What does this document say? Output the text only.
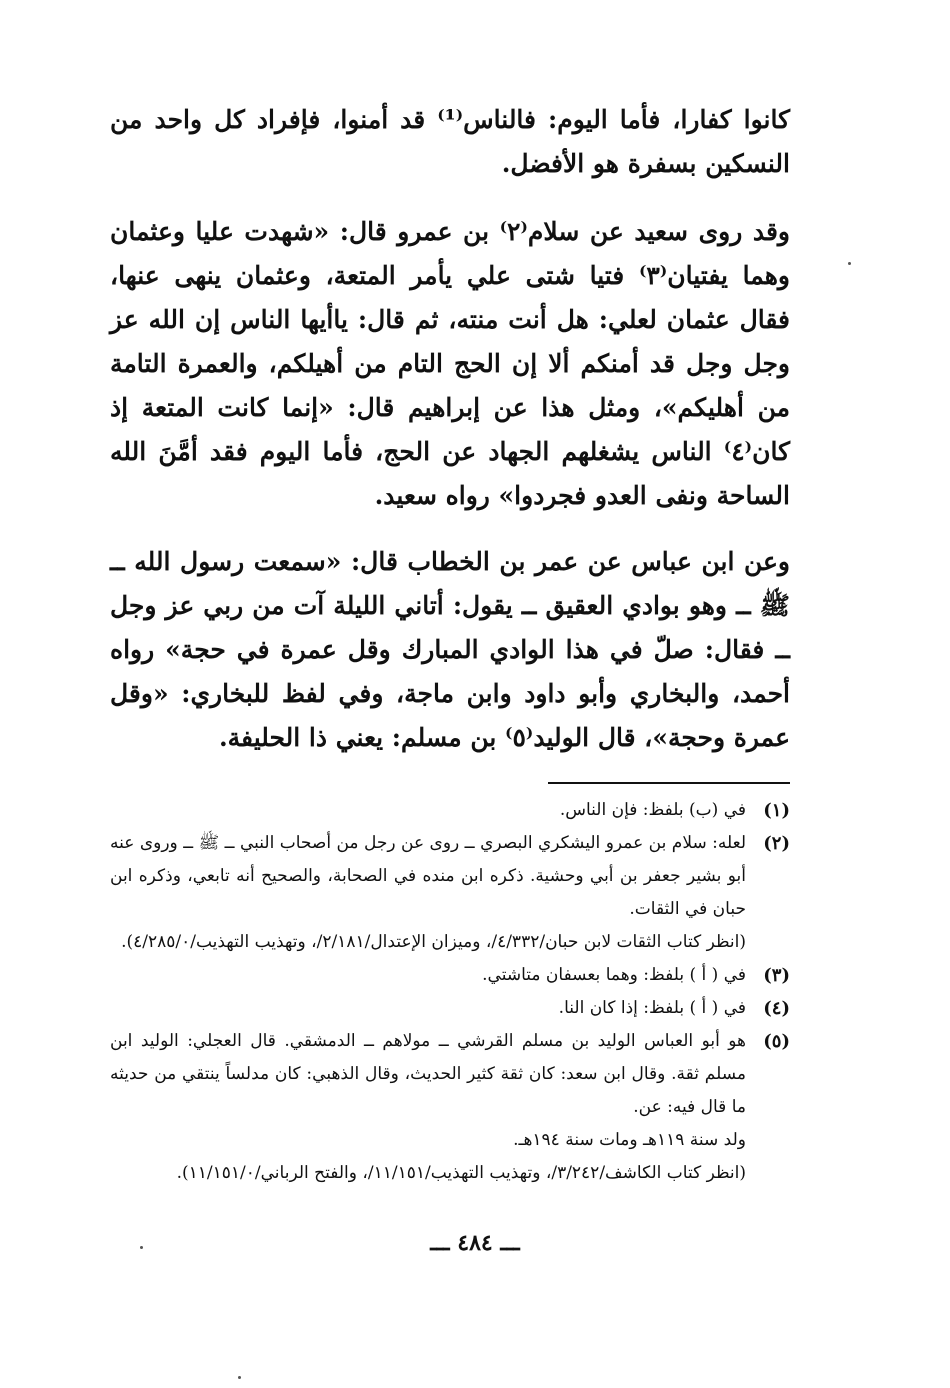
كانوا كفارا، فأما اليوم: فالناس⁽¹⁾ قد أمنوا، فإفراد كل واحد من النسكين بسفرة هو الأفضل.

وقد روى سعيد عن سلام⁽٢⁾ بن عمرو قال: «شهدت عليا وعثمان وهما يفتيان⁽٣⁾ فتيا شتى علي يأمر المتعة، وعثمان ينهى عنها، فقال عثمان لعلي: هل أنت منته، ثم قال: ياأيها الناس إن الله عز وجل وجل قد أمنكم ألا إن الحج التام من أهيلكم، والعمرة التامة من أهليكم»، ومثل هذا عن إبراهيم قال: «إنما كانت المتعة إذ كان⁽٤⁾ الناس يشغلهم الجهاد عن الحج، فأما اليوم فقد أمَّنَ الله الساحة ونفى العدو فجردوا» رواه سعيد.

وعن ابن عباس عن عمر بن الخطاب قال: «سمعت رسول الله ــ ﷺ ــ وهو بوادي العقيق ــ يقول: أتاني الليلة آت من ربي عز وجل ــ فقال: صلّ في هذا الوادي المبارك وقل عمرة في حجة» رواه أحمد، والبخاري وأبو داود وابن ماجة، وفي لفظ للبخاري: «وقل عمرة وحجة»، قال الوليد⁽٥⁾ بن مسلم: يعني ذا الحليفة.

(١)

في (ب) بلفظ: فإن الناس.

(٢)

لعله: سلام بن عمرو اليشكري البصري ــ روى عن رجل من أصحاب النبي ــ ﷺ ــ وروى عنه أبو بشير جعفر بن أبي وحشية. ذكره ابن منده في الصحابة، والصحيح أنه تابعي، وذكره ابن حبان في الثقات.

(انظر كتاب الثقات لابن حبان/٤/٣٣٢/، وميزان الإعتدال/٢/١٨١/، وتهذيب التهذيب/٤/٢٨٥/٠).

(٣)

في ( أ ) بلفظ: وهما بعسفان متاشتي.

(٤)

في ( أ ) بلفظ: إذا كان النا.

(٥)

هو أبو العباس الوليد بن مسلم القرشي ــ مولاهم ــ الدمشقي. قال العجلي: الوليد ابن مسلم ثقة. وقال ابن سعد: كان ثقة كثير الحديث، وقال الذهبي: كان مدلساً ينتقي من حديثه ما قال فيه: عن.

ولد سنة ١١٩هـ ومات سنة ١٩٤هـ.

(انظر كتاب الكاشف/٣/٢٤٢/، وتهذيب التهذيب/١١/١٥١/، والفتح الرباني/١١/١٥١/٠).

ـــ ٤٨٤ ـــ
